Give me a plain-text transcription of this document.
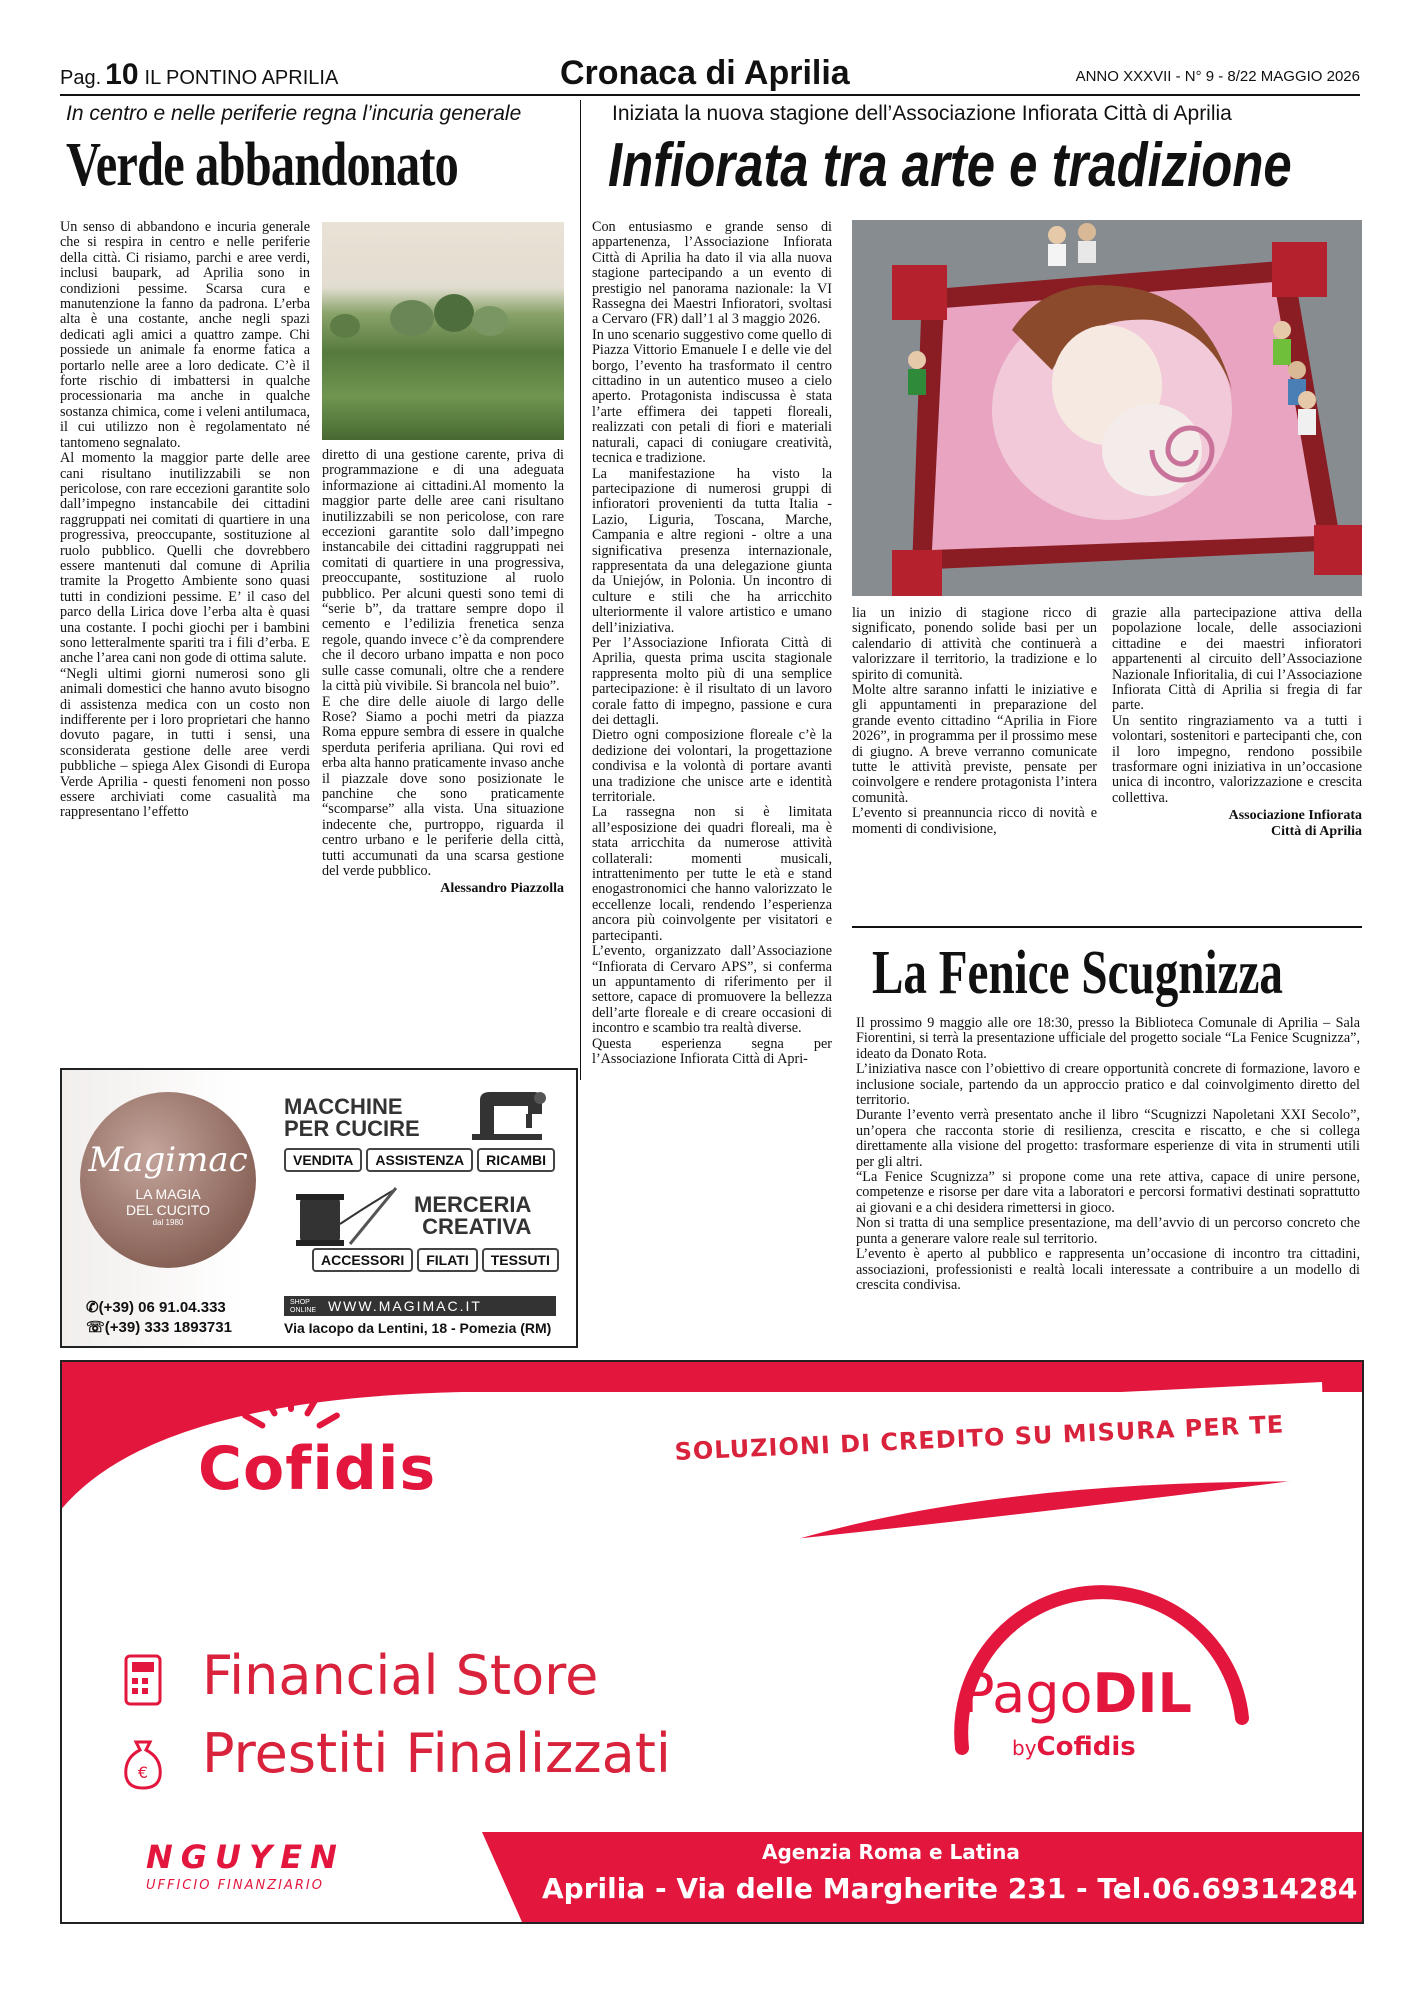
Pag. 10 IL PONTINO APRILIA	Cronaca di Aprilia	ANNO XXXVII - N° 9 - 8/22 MAGGIO 2026
In centro e nelle periferie regna l’incuria generale
Verde abbandonato

Un senso di abbandono e incuria generale che si respira in centro e nelle periferie della città. Ci risiamo, parchi e aree verdi, inclusi baupark, ad Aprilia sono in condizioni pessime. Scarsa cura e manutenzione la fanno da padrona. L’erba alta è una costante, anche negli spazi dedicati agli amici a quattro zampe. Chi possiede un animale fa enorme fatica a portarlo nelle aree a loro dedicate. C’è il forte rischio di imbattersi in qualche processionaria ma anche in qualche sostanza chimica, come i veleni antilumaca, il cui utilizzo non è regolamentato né tantomeno segnalato.

Al momento la maggior parte delle aree cani risultano inutilizzabili se non pericolose, con rare eccezioni garantite solo dall’impegno instancabile dei cittadini raggruppati nei comitati di quartiere in una progressiva, preoccupante, sostituzione al ruolo pubblico. Quelli che dovrebbero essere mantenuti dal comune di Aprilia tramite la Progetto Ambiente sono quasi tutti in condizioni pessime. E’ il caso del parco della Lirica dove l’erba alta è quasi una costante. I pochi giochi per i bambini sono letteralmente spariti tra i fili d’erba. E anche l’area cani non gode di ottima salute.

“Negli ultimi giorni numerosi sono gli animali domestici che hanno avuto bisogno di assistenza medica con un costo non indifferente per i loro proprietari che hanno dovuto pagare, in tutti i sensi, una sconsiderata gestione delle aree verdi pubbliche – spiega Alex Gisondi di Europa Verde Aprilia - questi fenomeni non posso essere archiviati come casualità ma rappresentano l’effetto

diretto di una gestione carente, priva di programmazione e di una adeguata informazione ai cittadini.Al momento la maggior parte delle aree cani risultano inutilizzabili se non pericolose, con rare eccezioni garantite solo dall’impegno instancabile dei cittadini raggruppati nei comitati di quartiere in una progressiva, preoccupante, sostituzione al ruolo pubblico. Per alcuni questi sono temi di “serie b”, da trattare sempre dopo il cemento e l’edilizia frenetica senza regole, quando invece c’è da comprendere che il decoro urbano impatta e non poco sulle casse comunali, oltre che a rendere la città più vivibile. Si brancola nel buio”.

E che dire delle aiuole di largo delle Rose? Siamo a pochi metri da piazza Roma eppure sembra di essere in qualche sperduta periferia apriliana. Qui rovi ed erba alta hanno praticamente invaso anche il piazzale dove sono posizionate le panchine che sono praticamente “scomparse” alla vista. Una situazione indecente che, purtroppo, riguarda il centro urbano e le periferie della città, tutti accumunati da una scarsa gestione del verde pubblico.

Alessandro Piazzolla
Iniziata la nuova stagione dell’Associazione Infiorata Città di Aprilia
Infiorata tra arte e tradizione

Con entusiasmo e grande senso di appartenenza, l’Associazione Infiorata Città di Aprilia ha dato il via alla nuova stagione partecipando a un evento di prestigio nel panorama nazionale: la VI Rassegna dei Maestri Infioratori, svoltasi a Cervaro (FR) dall’1 al 3 maggio 2026.

In uno scenario suggestivo come quello di Piazza Vittorio Emanuele I e delle vie del borgo, l’evento ha trasformato il centro cittadino in un autentico museo a cielo aperto. Protagonista indiscussa è stata l’arte effimera dei tappeti floreali, realizzati con petali di fiori e materiali naturali, capaci di coniugare creatività, tecnica e tradizione.

La manifestazione ha visto la partecipazione di numerosi gruppi di infioratori provenienti da tutta Italia - Lazio, Liguria, Toscana, Marche, Campania e altre regioni - oltre a una significativa presenza internazionale, rappresentata da una delegazione giunta da Uniejów, in Polonia. Un incontro di culture e stili che ha arricchito ulteriormente il valore artistico e umano dell’iniziativa.

Per l’Associazione Infiorata Città di Aprilia, questa prima uscita stagionale rappresenta molto più di una semplice partecipazione: è il risultato di un lavoro corale fatto di impegno, passione e cura dei dettagli.

Dietro ogni composizione floreale c’è la dedizione dei volontari, la progettazione condivisa e la volontà di portare avanti una tradizione che unisce arte e identità territoriale.

La rassegna non si è limitata all’esposizione dei quadri floreali, ma è stata arricchita da numerose attività collaterali: momenti musicali, intrattenimento per tutte le età e stand enogastronomici che hanno valorizzato le eccellenze locali, rendendo l’esperienza ancora più coinvolgente per visitatori e partecipanti.

L’evento, organizzato dall’Associazione “Infiorata di Cervaro APS”, si conferma un appuntamento di riferimento per il settore, capace di promuovere la bellezza dell’arte floreale e di creare occasioni di incontro e scambio tra realtà diverse.

Questa esperienza segna per l’Associazione Infiorata Città di Apri-

lia un inizio di stagione ricco di significato, ponendo solide basi per un calendario di attività che continuerà a valorizzare il territorio, la tradizione e lo spirito di comunità.

Molte altre saranno infatti le iniziative e gli appuntamenti in preparazione del grande evento cittadino “Aprilia in Fiore 2026”, in programma per il prossimo mese di giugno. A breve verranno comunicate tutte le attività previste, pensate per coinvolgere e rendere protagonista l’intera comunità.

L’evento si preannuncia ricco di novità e momenti di condivisione,

grazie alla partecipazione attiva della popolazione locale, delle associazioni cittadine e dei maestri infioratori appartenenti al circuito dell’Associazione Nazionale Infioritalia, di cui l’Associazione Infiorata Città di Aprilia si fregia di far parte.

Un sentito ringraziamento va a tutti i volontari, sostenitori e partecipanti che, con il loro impegno, rendono possibile trasformare ogni iniziativa in un’occasione unica di incontro, valorizzazione e crescita collettiva.

Associazione Infiorata
Città di Aprilia
La Fenice Scugnizza

Il prossimo 9 maggio alle ore 18:30, presso la Biblioteca Comunale di Aprilia – Sala Fiorentini, si terrà la presentazione ufficiale del progetto sociale “La Fenice Scugnizza”, ideato da Donato Rota.

L’iniziativa nasce con l’obiettivo di creare opportunità concrete di formazione, lavoro e inclusione sociale, partendo da un approccio pratico e dal coinvolgimento diretto del territorio.

Durante l’evento verrà presentato anche il libro “Scugnizzi Napoletani XXI Secolo”, un’opera che racconta storie di resilienza, crescita e riscatto, e che si collega direttamente alla visione del progetto: trasformare esperienze di vita in strumenti utili per gli altri.

“La Fenice Scugnizza” si propone come una rete attiva, capace di unire persone, competenze e risorse per dare vita a laboratori e percorsi formativi destinati soprattutto ai giovani e a chi desidera rimettersi in gioco.

Non si tratta di una semplice presentazione, ma dell’avvio di un percorso concreto che punta a generare valore reale sul territorio.

L’evento è aperto al pubblico e rappresenta un’occasione di incontro tra cittadini, associazioni, professionisti e realtà locali interessate a contribuire a un modello di crescita condivisa.

Magimac
LA MAGIA
DEL CUCITO
dal 1980
MACCHINE
PER CUCIRE
VENDITA ASSISTENZA RICAMBI
MERCERIA
CREATIVA
ACCESSORI FILATI TESSUTI
✆(+39) 06 91.04.333
☏(+39) 333 1893731
SHOP
ONLINE WWW.MAGIMAC.IT
Via Iacopo da Lentini, 18 - Pomezia (RM)
Cofidis	SOLUZIONI DI CREDITO SU MISURA PER TE
Financial Store
€ Prestiti Finalizzati
PagoDIL
byCofidis
NGUYEN
UFFICIO FINANZIARIO
Agenzia Roma e Latina
Aprilia - Via delle Margherite 231 - Tel.06.69314284
